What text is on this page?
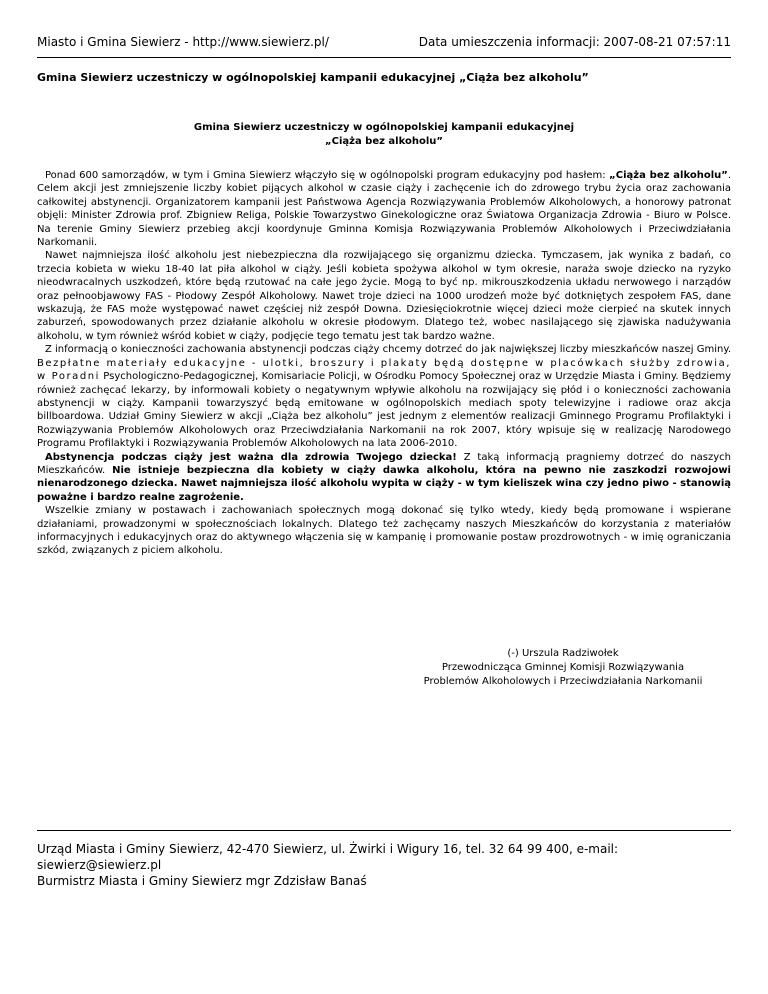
Miasto i Gmina Siewierz - http://www.siewierz.pl/	Data umieszczenia informacji: 2007-08-21 07:57:11
Gmina Siewierz uczestniczy w ogólnopolskiej kampanii edukacyjnej „Ciąża bez alkoholu”
Gmina Siewierz uczestniczy w ogólnopolskiej kampanii edukacyjnej
„Ciąża bez alkoholu”

Ponad 600 samorządów, w tym i Gmina Siewierz włączyło się w ogólnopolski program edukacyjny pod hasłem: „Ciąża bez alkoholu”. Celem akcji jest zmniejszenie liczby kobiet pijących alkohol w czasie ciąży i zachęcenie ich do zdrowego trybu życia oraz zachowania całkowitej abstynencji. Organizatorem kampanii jest Państwowa Agencja Rozwiązywania Problemów Alkoholowych, a honorowy patronat objęli: Minister Zdrowia prof. Zbigniew Religa, Polskie Towarzystwo Ginekologiczne oraz Światowa Organizacja Zdrowia - Biuro w Polsce. Na terenie Gminy Siewierz przebieg akcji koordynuje Gminna Komisja Rozwiązywania Problemów Alkoholowych i Przeciwdziałania Narkomanii.

Nawet najmniejsza ilość alkoholu jest niebezpieczna dla rozwijającego się organizmu dziecka. Tymczasem, jak wynika z badań, co trzecia kobieta w wieku 18-40 lat piła alkohol w ciąży. Jeśli kobieta spożywa alkohol w tym okresie, naraża swoje dziecko na ryzyko nieodwracalnych uszkodzeń, które będą rzutować na całe jego życie. Mogą to być np. mikrouszkodzenia układu nerwowego i narządów oraz pełnoobjawowy FAS - Płodowy Zespół Alkoholowy. Nawet troje dzieci na 1000 urodzeń może być dotkniętych zespołem FAS, dane wskazują, że FAS może występować nawet częściej niż zespół Downa. Dziesięciokrotnie więcej dzieci może cierpieć na skutek innych zaburzeń, spowodowanych przez działanie alkoholu w okresie płodowym. Dlatego też, wobec nasilającego się zjawiska nadużywania alkoholu, w tym również wśród kobiet w ciąży, podjęcie tego tematu jest tak bardzo ważne.

Z informacją o konieczności zachowania abstynencji podczas ciąży chcemy dotrzeć do jak największej liczby mieszkańców naszej Gminy. Bezpłatne materiały edukacyjne - ulotki, broszury i plakaty będą dostępne w placówkach służby zdrowia, w Poradni Psychologiczno-Pedagogicznej, Komisariacie Policji, w Ośrodku Pomocy Społecznej oraz w Urzędzie Miasta i Gminy. Będziemy również zachęcać lekarzy, by informowali kobiety o negatywnym wpływie alkoholu na rozwijający się płód i o konieczności zachowania abstynencji w ciąży. Kampanii towarzyszyć będą emitowane w ogólnopolskich mediach spoty telewizyjne i radiowe oraz akcja billboardowa. Udział Gminy Siewierz w akcji „Ciąża bez alkoholu” jest jednym z elementów realizacji Gminnego Programu Profilaktyki i Rozwiązywania Problemów Alkoholowych oraz Przeciwdziałania Narkomanii na rok 2007, który wpisuje się w realizację Narodowego Programu Profilaktyki i Rozwiązywania Problemów Alkoholowych na lata 2006-2010.

Abstynencja podczas ciąży jest ważna dla zdrowia Twojego dziecka! Z taką informacją pragniemy dotrzeć do naszych Mieszkańców. Nie istnieje bezpieczna dla kobiety w ciąży dawka alkoholu, która na pewno nie zaszkodzi rozwojowi nienarodzonego dziecka. Nawet najmniejsza ilość alkoholu wypita w ciąży - w tym kieliszek wina czy jedno piwo - stanowią poważne i bardzo realne zagrożenie.

Wszelkie zmiany w postawach i zachowaniach społecznych mogą dokonać się tylko wtedy, kiedy będą promowane i wspierane działaniami, prowadzonymi w społecznościach lokalnych. Dlatego też zachęcamy naszych Mieszkańców do korzystania z materiałów informacyjnych i edukacyjnych oraz do aktywnego włączenia się w kampanię i promowanie postaw prozdrowotnych - w imię ograniczania szkód, związanych z piciem alkoholu.

(-) Urszula Radziwołek
Przewodnicząca Gminnej Komisji Rozwiązywania
Problemów Alkoholowych i Przeciwdziałania Narkomanii
Urząd Miasta i Gminy Siewierz, 42-470 Siewierz, ul. Żwirki i Wigury 16, tel. 32 64 99 400, e-mail: siewierz@siewierz.pl
Burmistrz Miasta i Gminy Siewierz mgr Zdzisław Banaś
